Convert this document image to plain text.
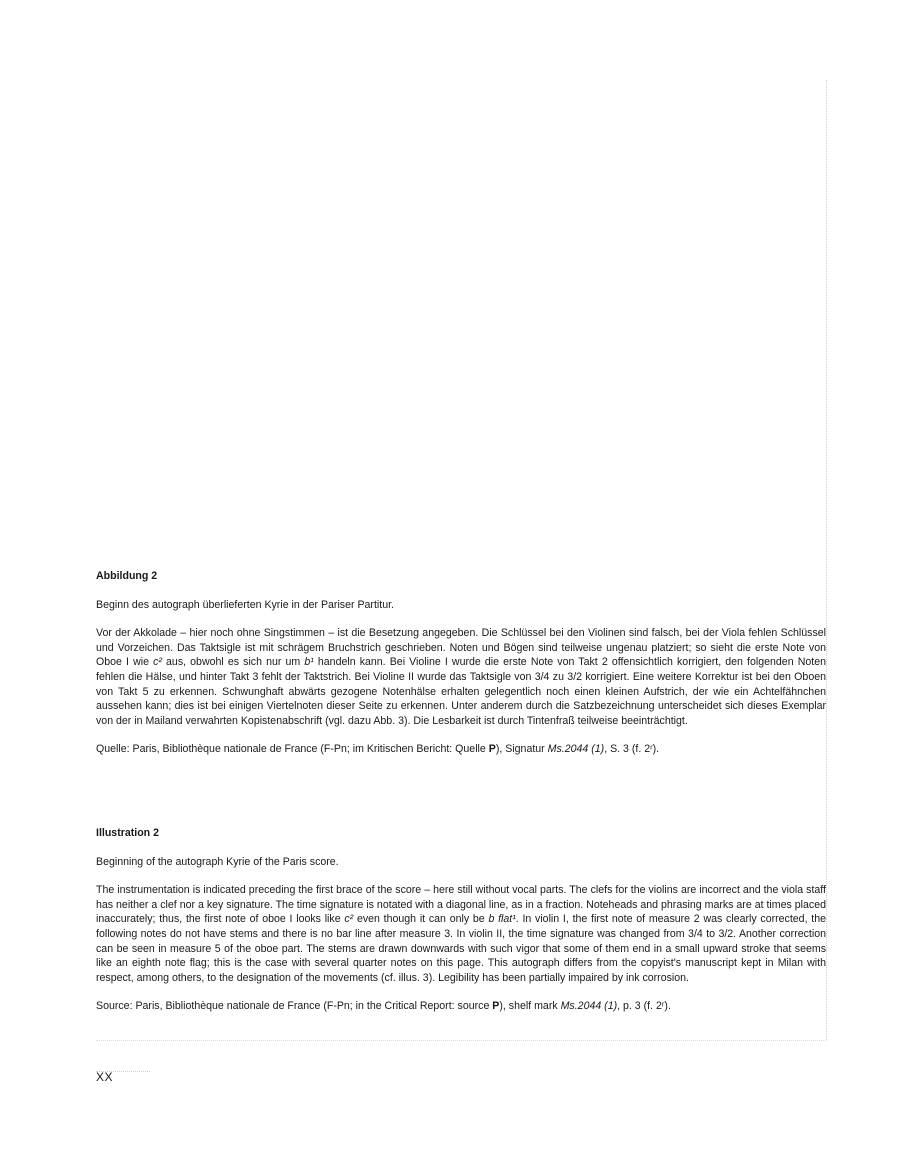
Abbildung 2

Beginn des autograph überlieferten Kyrie in der Pariser Partitur.

Vor der Akkolade – hier noch ohne Singstimmen – ist die Besetzung angegeben. Die Schlüssel bei den Violinen sind falsch, bei der Viola fehlen Schlüssel und Vorzeichen. Das Taktsigle ist mit schrägem Bruchstrich geschrieben. Noten und Bögen sind teilweise ungenau platziert; so sieht die erste Note von Oboe I wie c² aus, obwohl es sich nur um b¹ handeln kann. Bei Violine I wurde die erste Note von Takt 2 offensichtlich korrigiert, den folgenden Noten fehlen die Hälse, und hinter Takt 3 fehlt der Taktstrich. Bei Violine II wurde das Taktsigle von 3/4 zu 3/2 korrigiert. Eine weitere Korrektur ist bei den Oboen von Takt 5 zu erkennen. Schwunghaft abwärts gezogene Notenhälse erhalten gelegentlich noch einen kleinen Aufstrich, der wie ein Achtelfähnchen aussehen kann; dies ist bei einigen Viertelnoten dieser Seite zu erkennen. Unter anderem durch die Satzbezeichnung unterscheidet sich dieses Exemplar von der in Mailand verwahrten Kopistenabschrift (vgl. dazu Abb. 3). Die Lesbarkeit ist durch Tintenfraß teilweise beeinträchtigt.

Quelle: Paris, Bibliothèque nationale de France (F-Pn; im Kritischen Bericht: Quelle P), Signatur Ms.2044 (1), S. 3 (f. 2ʳ).

Illustration 2

Beginning of the autograph Kyrie of the Paris score.

The instrumentation is indicated preceding the first brace of the score – here still without vocal parts. The clefs for the violins are incorrect and the viola staff has neither a clef nor a key signature. The time signature is notated with a diagonal line, as in a fraction. Noteheads and phrasing marks are at times placed inaccurately; thus, the first note of oboe I looks like c² even though it can only be b flat¹. In violin I, the first note of measure 2 was clearly corrected, the following notes do not have stems and there is no bar line after measure 3. In violin II, the time signature was changed from 3/4 to 3/2. Another correction can be seen in measure 5 of the oboe part. The stems are drawn downwards with such vigor that some of them end in a small upward stroke that seems like an eighth note flag; this is the case with several quarter notes on this page. This autograph differs from the copyist's manuscript kept in Milan with respect, among others, to the designation of the movements (cf. illus. 3). Legibility has been partially impaired by ink corrosion.

Source: Paris, Bibliothèque nationale de France (F-Pn; in the Critical Report: source P), shelf mark Ms.2044 (1), p. 3 (f. 2ʳ).

XX
